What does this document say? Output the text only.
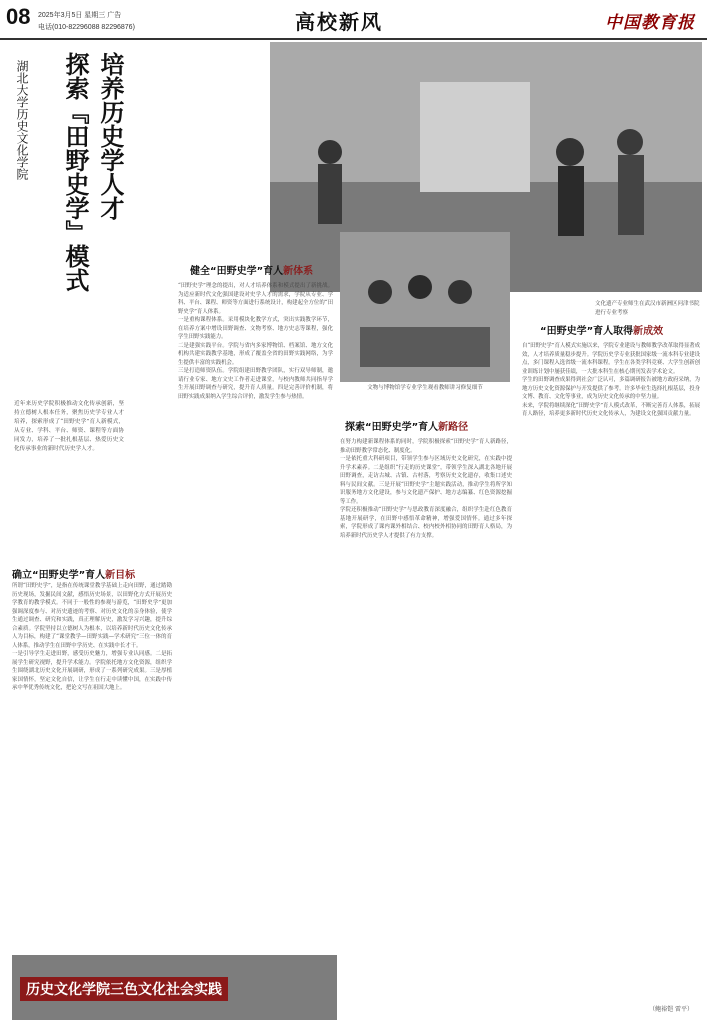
08 2025年3月5日 星期三 广告
电话(010-82296088 82296876)	高校新风	中国教育报
培养历史学人才
探索『田野史学』模式
湖北大学历史文化学院
近年来历史学院积极推动文化传承创新，坚持立德树人根本任务，聚焦历史学专业人才培养，探索形成了“田野史学”育人新模式，从专业、学科、平台、师资、课程等方面协同发力，培养了一批扎根基层、热爱历史文化传承事业的新时代历史学人才。
确立“田野史学”育人新目标
所谓“田野史学”，是指在传统课堂教学基础上走向田野，通过踏勘历史现场，发掘民间文献，感悟历史场景，以田野化方式开展历史学教育的教学模式。不同于一般性的参观与游览，“田野史学”更加强调深度参与、对历史遗迹的考察、对历史文化的亲身体验，使学生通过调查、研究和实践，真正理解历史，激发学习兴趣，提升综合素质。学院坚持以立德树人为根本，以培养新时代历史文化传承人为目标，构建了“课堂教学—田野实践—学术研究”三位一体的育人体系，推动学生在田野中学历史、在实践中长才干。
一是引导学生走进田野，感受历史魅力，增强专业认同感。二是拓展学生研究视野，提升学术能力。学院依托地方文化资源，组织学生围绕湖北历史文化开展调研，形成了一系列研究成果。三是厚植家国情怀，坚定文化自信，让学生在行走中读懂中国，在实践中传承中华优秀传统文化，把论文写在祖国大地上。
健全“田野史学”育人新体系
“田野史学”理念的提出，对人才培养体系和模式提出了新挑战。为适应新时代文化强国建设对史学人才的需求，学院从专业、学科、平台、课程、师资等方面进行系统设计，构建起全方位的“田野史学”育人体系。
一是重构课程体系。采用模块化教学方式，突出实践教学环节，在培养方案中增设田野调查、文物考察、地方史志等课程，强化学生田野实践能力。
二是建强实践平台。学院与省内多家博物馆、档案馆、地方文化机构共建实践教学基地，形成了覆盖全省的田野实践网络，为学生提供丰富的实践机会。
三是打造师资队伍。学院组建田野教学团队，实行双导师制，邀请行业专家、地方文史工作者走进课堂，与校内教师共同指导学生开展田野调查与研究，提升育人质量。四是完善评价机制，将田野实践成果纳入学生综合评价，激发学生参与热情。
文物与博物馆学专业学生观看教师讲习修复细节
文化遗产专业师生在武汉市新洲区问津书院进行专业考察
探索“田野史学”育人新路径
在努力构建新课程体系的同时，学院积极探索“田野史学”育人新路径，推动田野教学常态化、制度化。
一是依托重大科研项目，带领学生参与区域历史文化研究，在实践中提升学术素养。二是组织“行走的历史课堂”，带领学生深入湖北各地开展田野调查，走访古城、古镇、古村落，考察历史文化遗存，收集口述史料与民间文献。三是开展“田野史学”主题实践活动，推动学生将所学知识服务地方文化建设，参与文化遗产保护、地方志编纂、红色资源挖掘等工作。
学院还积极推动“田野史学”与思政教育深度融合，组织学生赴红色教育基地开展研学，在田野中感悟革命精神，增强爱国情怀。通过多年探索，学院形成了课内课外相结合、校内校外相协同的田野育人格局，为培养新时代历史学人才提供了有力支撑。
“田野史学”育人取得新成效
自“田野史学”育人模式实施以来，学院专业建设与教师教学改革取得显著成效，人才培养质量稳步提升。学院历史学专业获批国家级一流本科专业建设点，多门课程入选省级一流本科课程。学生在各类学科竞赛、大学生创新创业训练计划中屡获佳绩，一大批本科生在核心期刊发表学术论文。
学生的田野调查成果得到社会广泛认可，多篇调研报告被地方政府采纳，为地方历史文化资源保护与开发提供了参考。许多毕业生选择扎根基层，投身文博、教育、文化等事业，成为历史文化传承的中坚力量。
未来，学院将继续深化“田野史学”育人模式改革，不断完善育人体系，拓展育人路径，培养更多新时代历史文化传承人，为建设文化强国贡献力量。
（鲍裕铠 雷平）
历史文化学院三色文化社会实践
